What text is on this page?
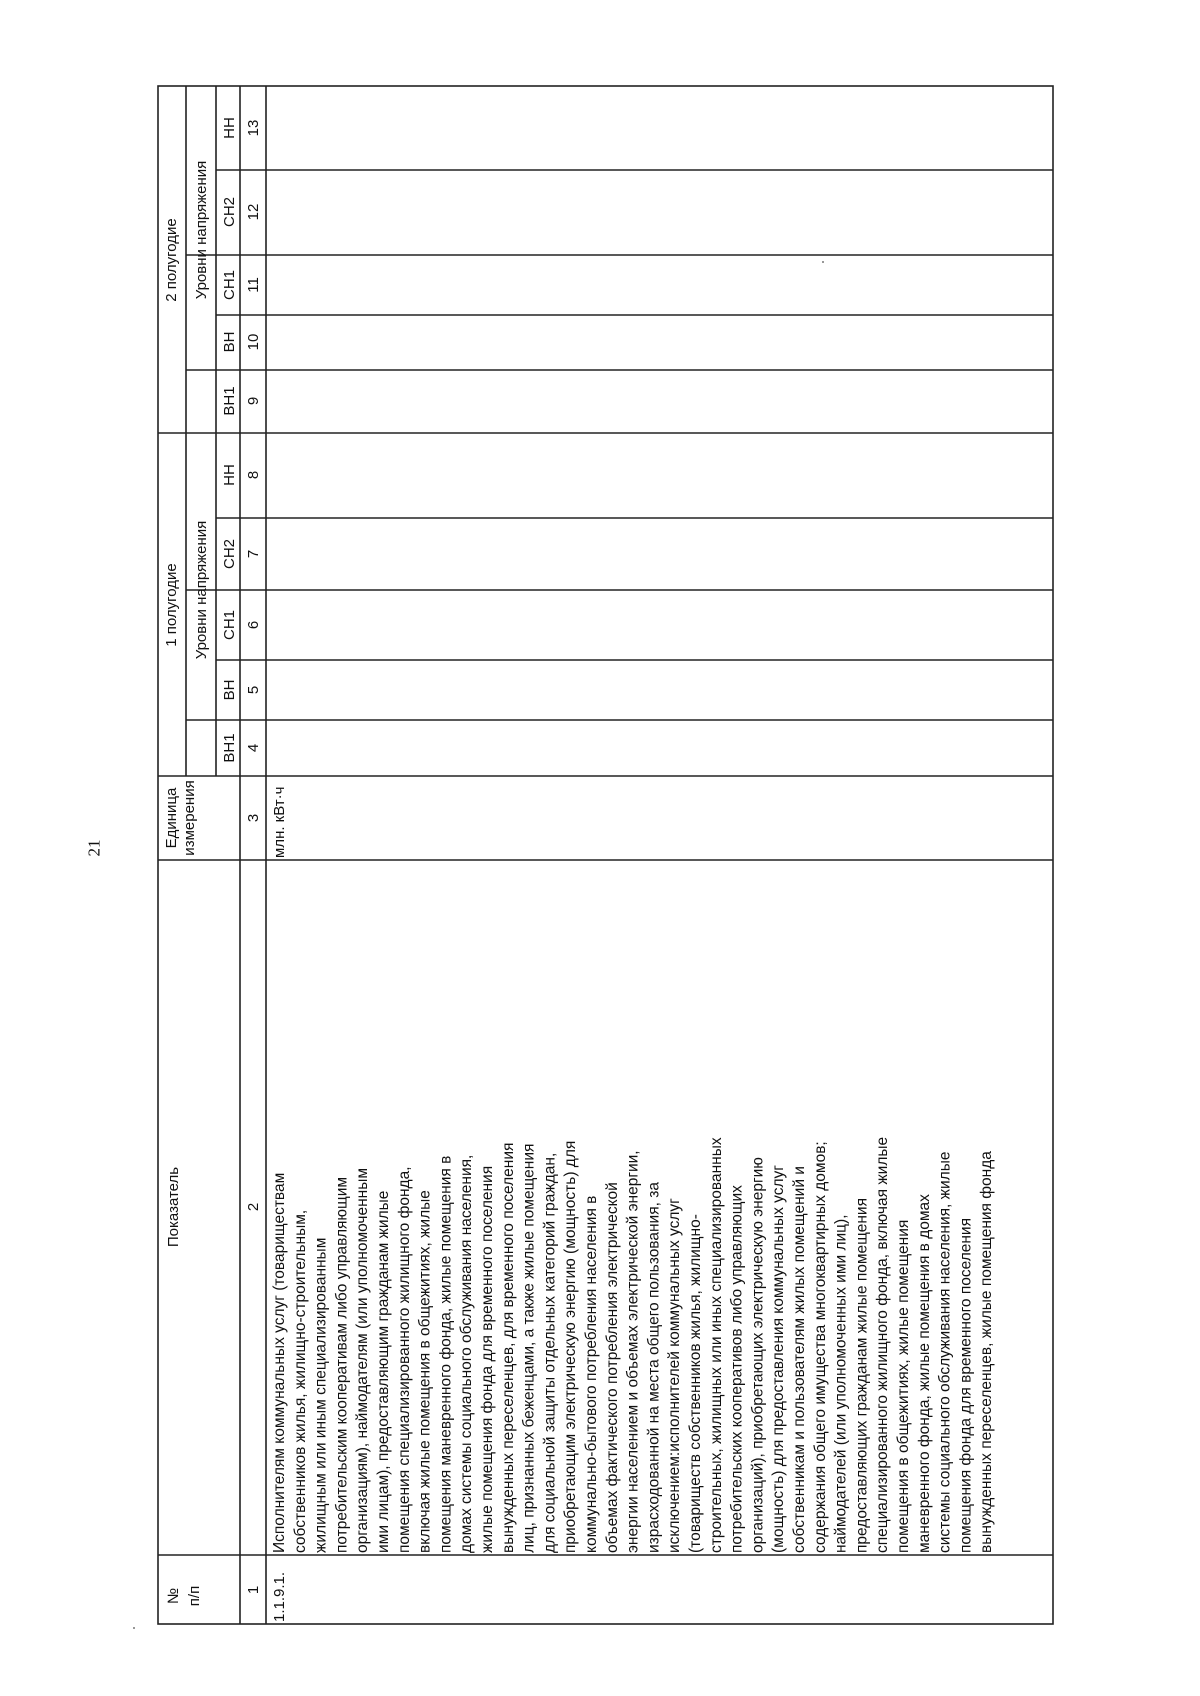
21
№ п/п
Показатель
Единица измерения
1 полугодие
2 полугодие
Уровни напряжения
Уровни напряжения
ВН1
ВН
СН1
СН2
НН
ВН1
ВН
СН1
СН2
НН
1
2
3
4
5
6
7
8
9
10
11
12
13
1.1.9.1.
млн. кВт·ч
Исполнителям коммунальных услуг (товариществам собственников жилья, жилищно-строительным, жилищным или иным специализированным потребительским кооперативам либо управляющим организациям), наймодателям (или уполномоченным ими лицам), предоставляющим гражданам жилые помещения специализированного жилищного фонда, включая жилые помещения в общежитиях, жилые помещения маневренного фонда, жилые помещения в домах системы социального обслуживания населения, жилые помещения фонда для временного поселения вынужденных переселенцев, для временного поселения лиц, признанных беженцами, а также жилые помещения для социальной защиты отдельных категорий граждан, приобретающим электрическую энергию (мощность) для коммунально-бытового потребления населения в объемах фактического потребления электрической энергии населением и объемах электрической энергии, израсходованной на места общего пользования, за исключением:исполнителей коммунальных услуг (товариществ собственников жилья, жилищно- строительных, жилищных или иных специализированных потребительских кооперативов либо управляющих организаций), приобретающих электрическую энергию (мощность) для предоставления коммунальных услуг собственникам и пользователям жилых помещений и содержания общего имущества многоквартирных домов; наймодателей (или уполномоченных ими лиц), предоставляющих гражданам жилые помещения специализированного жилищного фонда, включая жилые помещения в общежитиях, жилые помещения маневренного фонда, жилые помещения в домах системы социального обслуживания населения, жилые помещения фонда для временного поселения вынужденных переселенцев, жилые помещения фонда
